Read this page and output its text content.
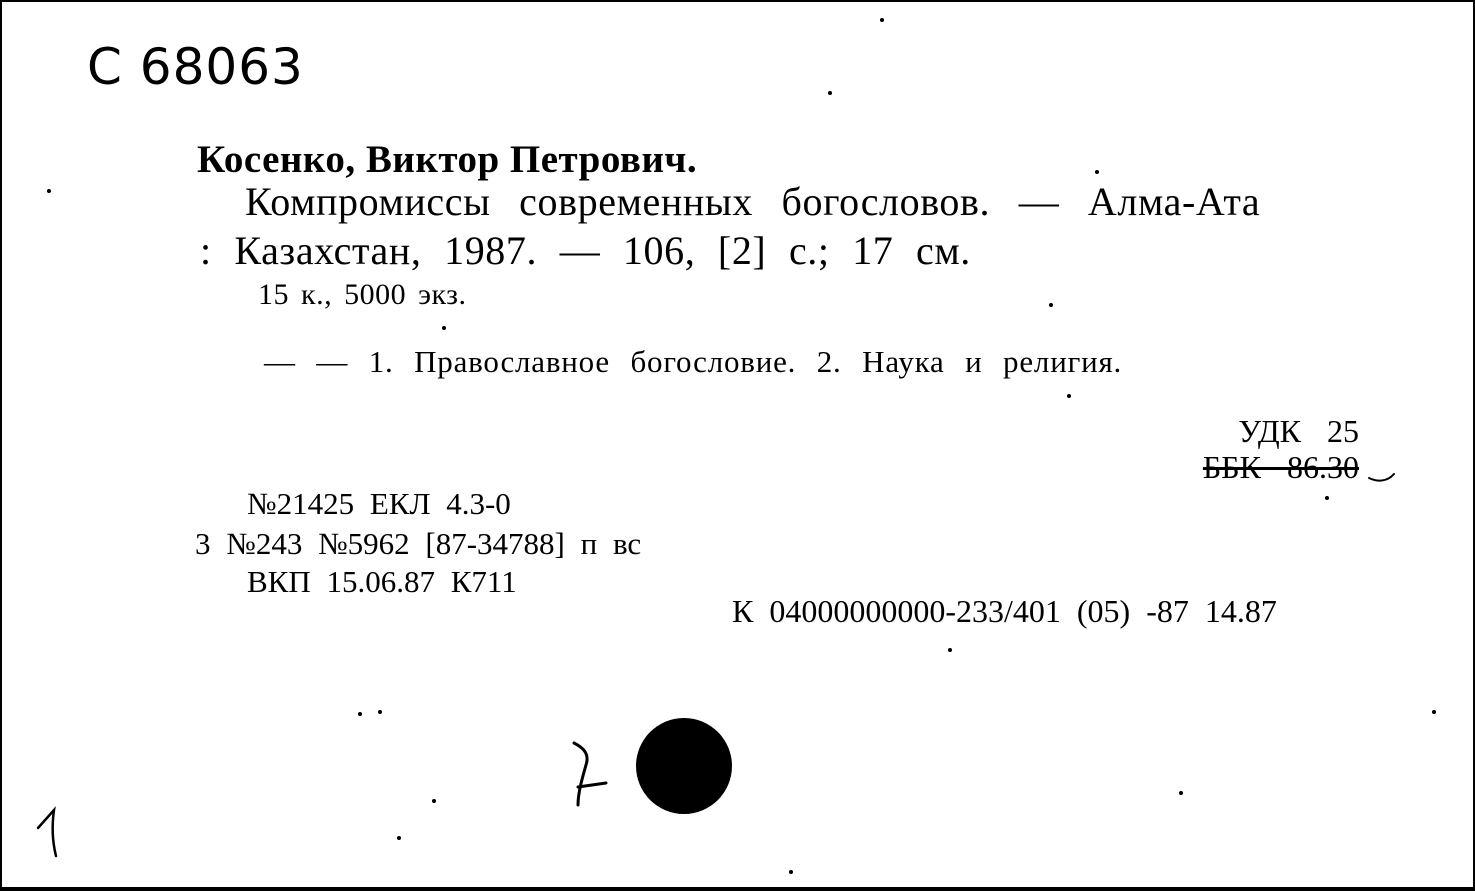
С 68063
Косенко, Виктор Петрович.
Компромиссы современных богословов. — Алма-Ата
: Казахстан, 1987. — 106, [2] с.; 17 см.
15 к., 5000 экз.
— — 1. Православное богословие. 2. Наука и религия.
УДК 25
ББК 86.30
№21425 ЕКЛ 4.3-0
3 №243 №5962 [87-34788] п вс
ВКП 15.06.87 К711
К 04000000000-233/401 (05) -87 14.87
